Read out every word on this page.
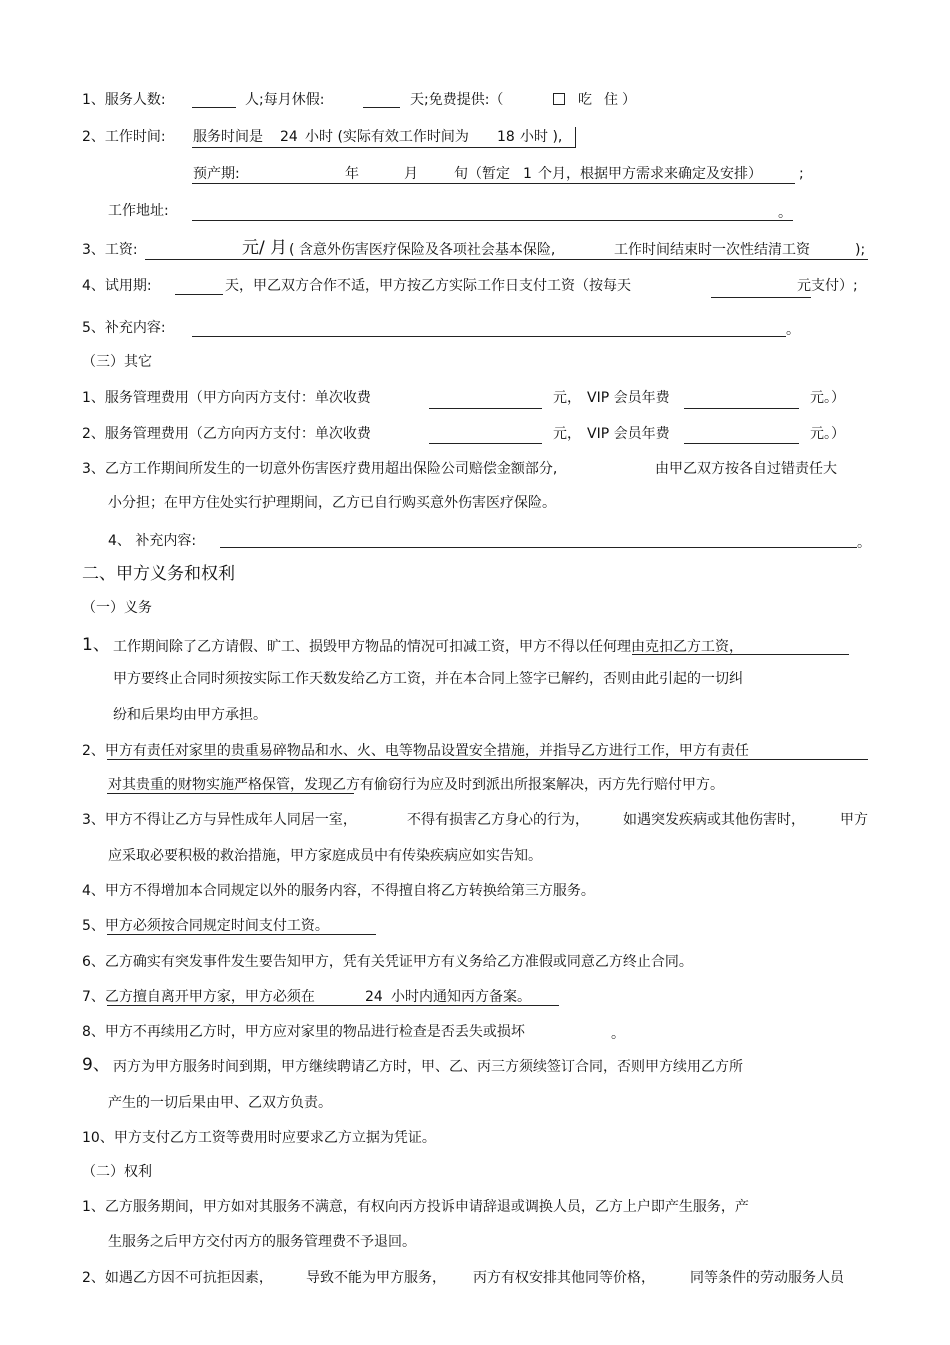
1、服务人数:	人;每月休假:	天;免费提供:（	吃 住 ）
2、工作时间: 服务时间是 24 小时 (实际有效工作时间为 18 小时 ),
预产期:	年	月	旬（暂定 1 个月，根据甲方需求来确定及安排）	;
工作地址:	。
3、工资:	元/ 月 ( 含意外伤害医疗保险及各项社会基本保险,	工作时间结束时一次性结清工资	);
4、试用期:	天，甲乙双方合作不适，甲方按乙方实际工作日支付工资（按每天	元支付）;
5、补充内容:	。
（三）其它
1、服务管理费用（甲方向丙方支付：单次收费	元， VIP 会员年费	元。）
2、服务管理费用（乙方向丙方支付：单次收费	元， VIP 会员年费	元。）
3、乙方工作期间所发生的一切意外伤害医疗费用超出保险公司赔偿金额部分,	由甲乙双方按各自过错责任大
小分担；在甲方住处实行护理期间，乙方已自行购买意外伤害医疗保险。
4、 补充内容:	。
二、甲方义务和权利
（一）义务
1、 工作期间除了乙方请假、旷工、损毁甲方物品的情况可扣减工资，甲方不得以任何理由克扣乙方工资，
甲方要终止合同时须按实际工作天数发给乙方工资，并在本合同上签字已解约，否则由此引起的一切纠
纷和后果均由甲方承担。
2、甲方有责任对家里的贵重易碎物品和水、火、电等物品设置安全措施，并指导乙方进行工作，甲方有责任
对其贵重的财物实施严格保管，发现乙方有偷窃行为应及时到派出所报案解决，丙方先行赔付甲方。
3、甲方不得让乙方与异性成年人同居一室，	不得有损害乙方身心的行为， 如遇突发疾病或其他伤害时，	甲方
应采取必要积极的救治措施，甲方家庭成员中有传染疾病应如实告知。
4、甲方不得增加本合同规定以外的服务内容，不得擅自将乙方转换给第三方服务。
5、甲方必须按合同规定时间支付工资。
6、乙方确实有突发事件发生要告知甲方，凭有关凭证甲方有义务给乙方准假或同意乙方终止合同。
7、乙方擅自离开甲方家，甲方必须在	24 小时内通知丙方备案。
8、甲方不再续用乙方时，甲方应对家里的物品进行检查是否丢失或损坏	。
9、 丙方为甲方服务时间到期，甲方继续聘请乙方时，甲、乙、丙三方须续签订合同，否则甲方续用乙方所
产生的一切后果由甲、乙双方负责。
10、甲方支付乙方工资等费用时应要求乙方立据为凭证。
（二）权利
1、乙方服务期间，甲方如对其服务不满意，有权向丙方投诉申请辞退或调换人员，乙方上户即产生服务，产
生服务之后甲方交付丙方的服务管理费不予退回。
2、如遇乙方因不可抗拒因素， 导致不能为甲方服务， 丙方有权安排其他同等价格，	同等条件的劳动服务人员
